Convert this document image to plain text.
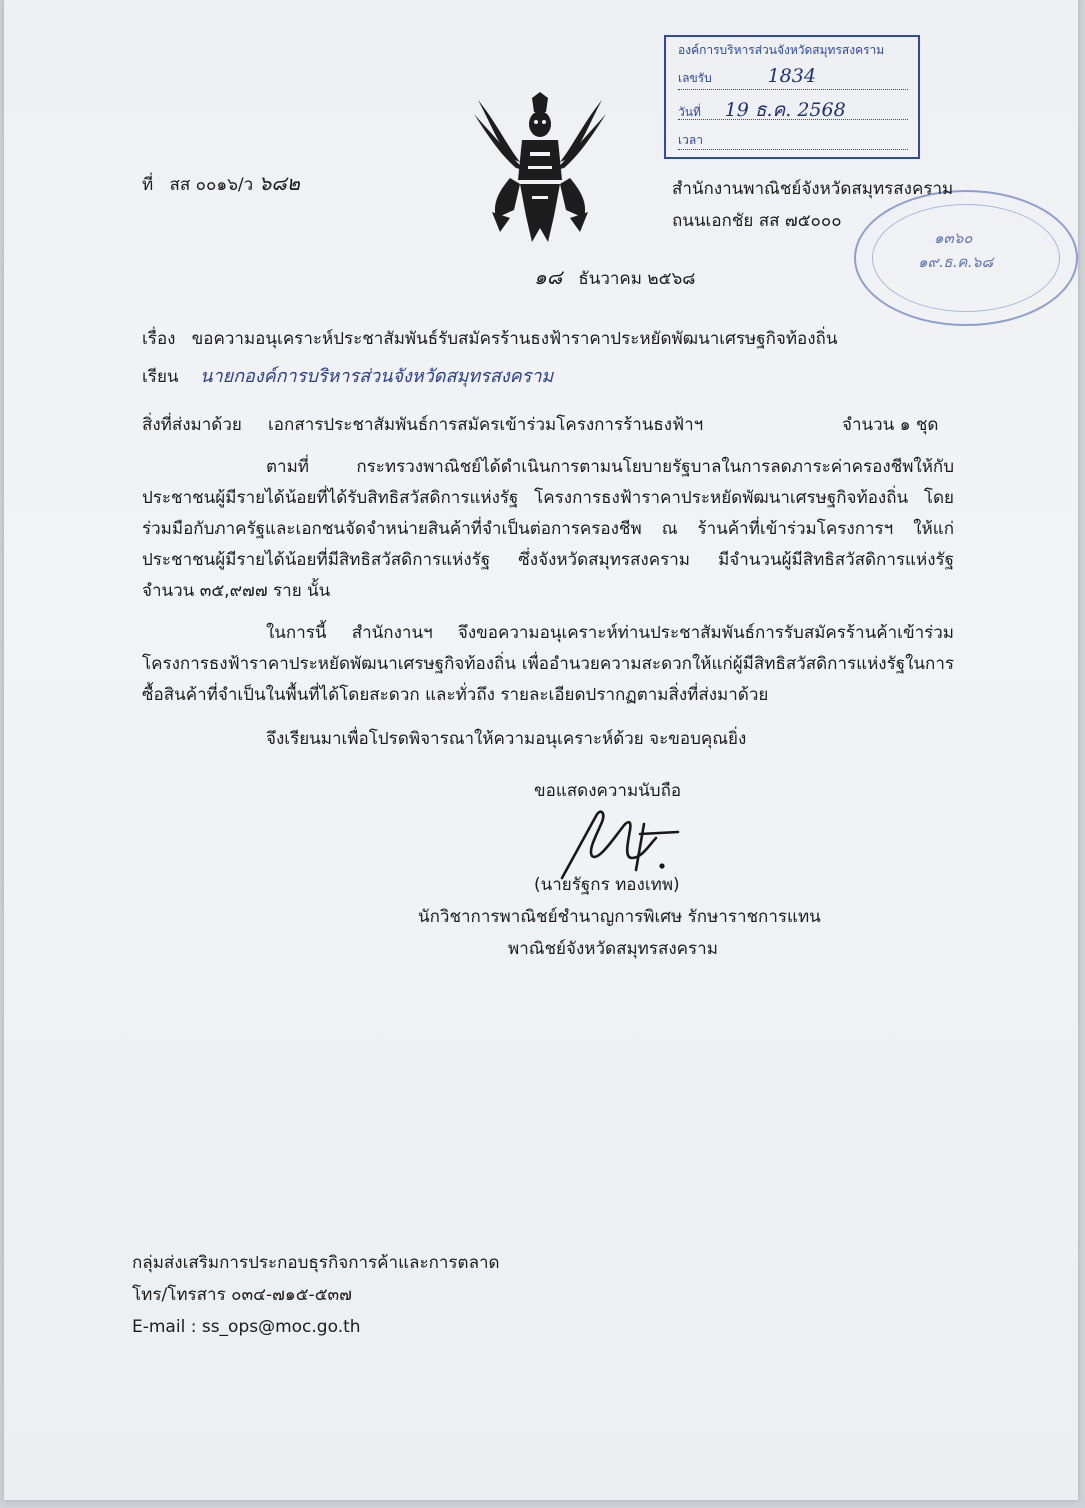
องค์การบริหารส่วนจังหวัดสมุทรสงคราม
เลขรับ	1834
วันที่ 19 ธ.ค. 2568
เวลา
๑๓๖๐
๑๙.ธ.ค.๖๘
ที่ สส ๐๐๑๖/ว ๖๘๒	สำนักงานพาณิชย์จังหวัดสมุทรสงคราม
ถนนเอกชัย สส ๗๕๐๐๐
๑๘ ธันวาคม ๒๕๖๘
เรื่อง ขอความอนุเคราะห์ประชาสัมพันธ์รับสมัครร้านธงฟ้าราคาประหยัดพัฒนาเศรษฐกิจท้องถิ่น
เรียน นายกองค์การบริหารส่วนจังหวัดสมุทรสงคราม
สิ่งที่ส่งมาด้วย เอกสารประชาสัมพันธ์การสมัครเข้าร่วมโครงการร้านธงฟ้าฯ	จำนวน ๑ ชุด

ตามที่ กระทรวงพาณิชย์ได้ดำเนินการตามนโยบายรัฐบาลในการลดภาระค่าครองชีพให้กับประชาชนผู้มีรายได้น้อยที่ได้รับสิทธิสวัสดิการแห่งรัฐ โครงการธงฟ้าราคาประหยัดพัฒนาเศรษฐกิจท้องถิ่น โดยร่วมมือกับภาครัฐและเอกชนจัดจำหน่ายสินค้าที่จำเป็นต่อการครองชีพ ณ ร้านค้าที่เข้าร่วมโครงการฯ ให้แก่ประชาชนผู้มีรายได้น้อยที่มีสิทธิสวัสดิการแห่งรัฐ ซึ่งจังหวัดสมุทรสงคราม มีจำนวนผู้มีสิทธิสวัสดิการแห่งรัฐ จำนวน ๓๕,๙๗๗ ราย นั้น

ในการนี้ สำนักงานฯ จึงขอความอนุเคราะห์ท่านประชาสัมพันธ์การรับสมัครร้านค้าเข้าร่วมโครงการธงฟ้าราคาประหยัดพัฒนาเศรษฐกิจท้องถิ่น เพื่ออำนวยความสะดวกให้แก่ผู้มีสิทธิสวัสดิการแห่งรัฐในการซื้อสินค้าที่จำเป็นในพื้นที่ได้โดยสะดวก และทั่วถึง รายละเอียดปรากฏตามสิ่งที่ส่งมาด้วย

จึงเรียนมาเพื่อโปรดพิจารณาให้ความอนุเคราะห์ด้วย จะขอบคุณยิ่ง
ขอแสดงความนับถือ
(นายรัฐกร ทองเทพ)
นักวิชาการพาณิชย์ชำนาญการพิเศษ รักษาราชการแทน
พาณิชย์จังหวัดสมุทรสงคราม
กลุ่มส่งเสริมการประกอบธุรกิจการค้าและการตลาด
โทร/โทรสาร ๐๓๔-๗๑๕-๕๓๗
E-mail : ss_ops@moc.go.th
